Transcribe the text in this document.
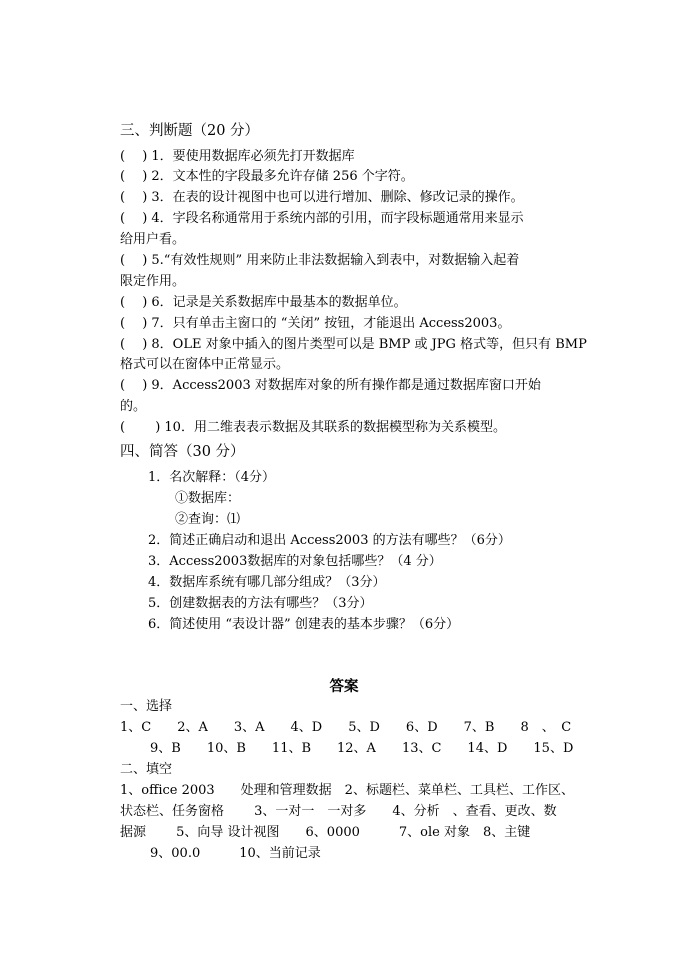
三、判断题（20 分）
(　 ) 1．要使用数据库必须先打开数据库
(　 ) 2．文本性的字段最多允许存储 256 个字符。
(　 ) 3．在表的设计视图中也可以进行增加、删除、修改记录的操作。
(　 ) 4．字段名称通常用于系统内部的引用，而字段标题通常用来显示
给用户看。
(　 ) 5.“有效性规则” 用来防止非法数据输入到表中，对数据输入起着
限定作用。
(　 ) 6．记录是关系数据库中最基本的数据单位。
(　 ) 7．只有单击主窗口的 “关闭” 按钮，才能退出 Access2003。
(　 ) 8．OLE 对象中插入的图片类型可以是 BMP 或 JPG 格式等，但只有 BMP
格式可以在窗体中正常显示。
(　 ) 9．Access2003 对数据库对象的所有操作都是通过数据库窗口开始
的。
(　 　) 10．用二维表表示数据及其联系的数据模型称为关系模型。
四、简答（30 分）
1．名次解释：（4分）
①数据库：
②查询：⑴
2．简述正确启动和退出 Access2003 的方法有哪些？（6分）
3．Access2003数据库的对象包括哪些？（4 分）
4．数据库系统有哪几部分组成？（3分）
5．创建数据表的方法有哪些？（3分）
6．简述使用 “表设计器” 创建表的基本步骤？（6分）
答案
一、选择
1、C　　2、A　　3、A　　4、D　　5、D　　6、D　　7、B　　8　、　C
9、B　　10、B　　11、B　　12、A　　13、C　　14、D　　15、D
二、填空
1、office 2003　　处理和管理数据　2、标题栏、菜单栏、工具栏、工作区、
状态栏、任务窗格　　 3、一对一　一对多　　4、分析　、查看、更改、数
据源　　 5、向导 设计视图　　6、0000　　　7、ole 对象　8、主键
9、00.0　　　10、当前记录
